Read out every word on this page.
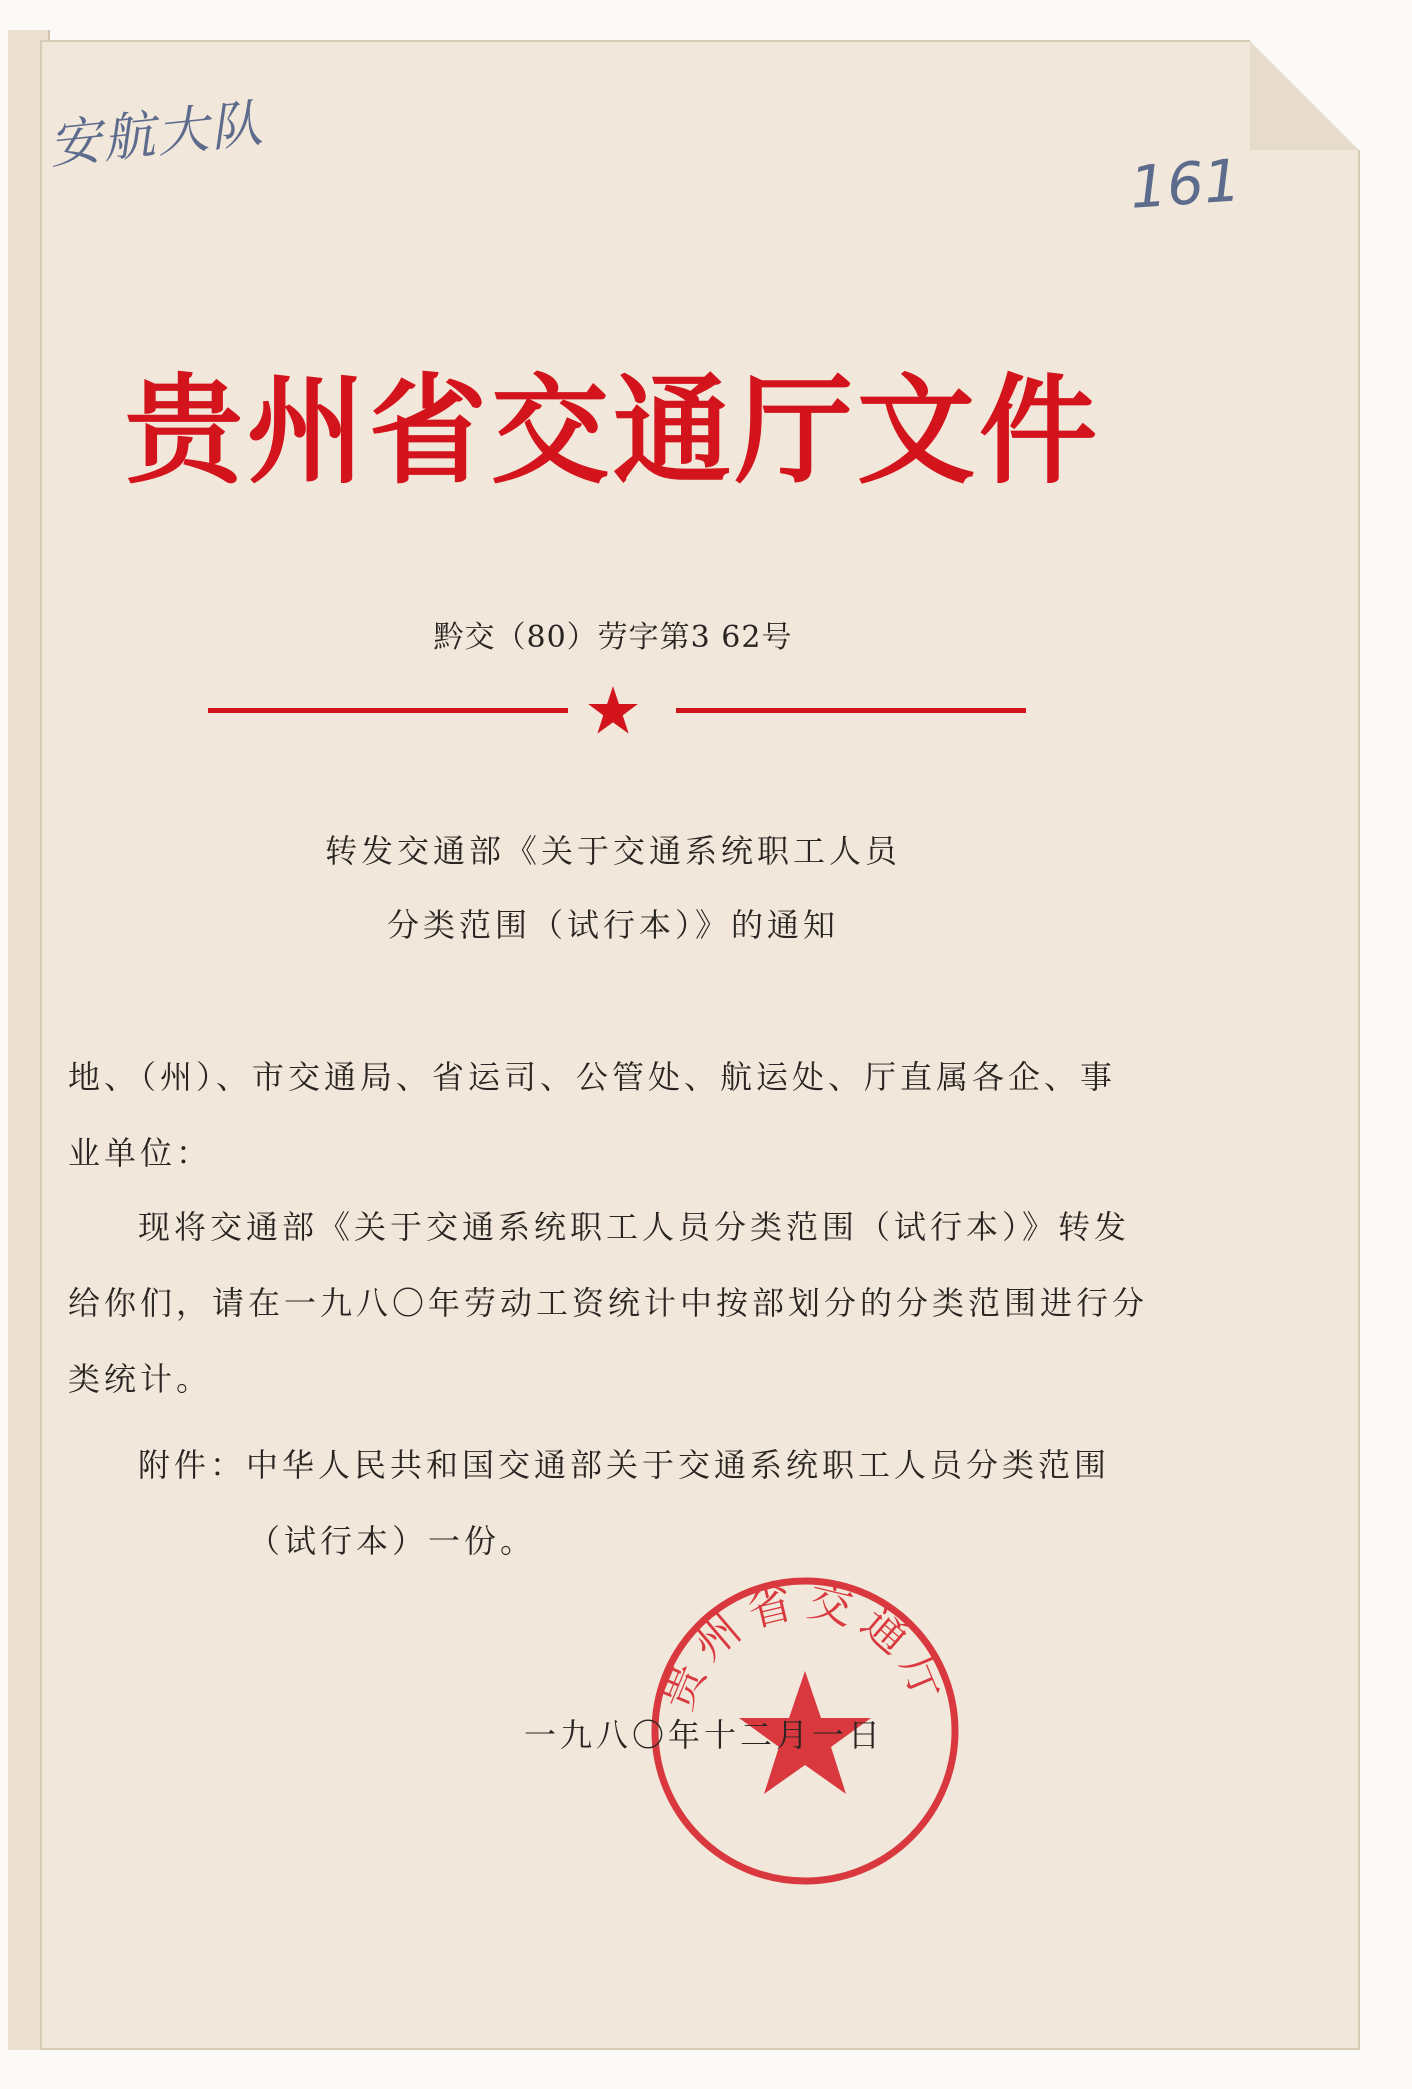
安航大队
161
贵州省交通厅文件
黔交（80）劳字第3 62号
转发交通部《关于交通系统职工人员
分类范围（试行本）》的通知
地、（州）、市交通局、省运司、公管处、航运处、厅直属各企、事
业单位：
现将交通部《关于交通系统职工人员分类范围（试行本）》转发
给你们，请在一九八〇年劳动工资统计中按部划分的分类范围进行分
类统计。
附件：中华人民共和国交通部关于交通系统职工人员分类范围
（试行本）一份。
贵州省交通厅
一九八〇年十二月一日
